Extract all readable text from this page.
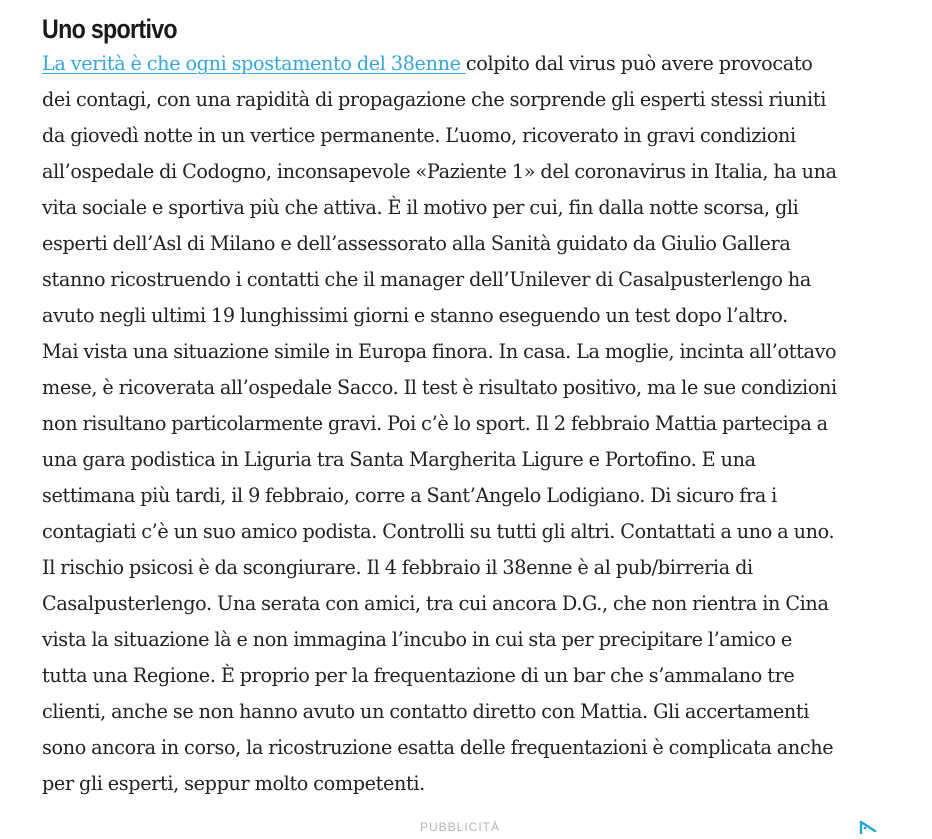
Uno sportivo

La verità è che ogni spostamento del 38enne colpito dal virus può avere provocato
dei contagi, con una rapidità di propagazione che sorprende gli esperti stessi riuniti
da giovedì notte in un vertice permanente. L’uomo, ricoverato in gravi condizioni
all’ospedale di Codogno, inconsapevole «Paziente 1» del coronavirus in Italia, ha una
vita sociale e sportiva più che attiva. È il motivo per cui, fin dalla notte scorsa, gli
esperti dell’Asl di Milano e dell’assessorato alla Sanità guidato da Giulio Gallera
stanno ricostruendo i contatti che il manager dell’Unilever di Casalpusterlengo ha
avuto negli ultimi 19 lunghissimi giorni e stanno eseguendo un test dopo l’altro.
Mai vista una situazione simile in Europa finora. In casa. La moglie, incinta all’ottavo
mese, è ricoverata all’ospedale Sacco. Il test è risultato positivo, ma le sue condizioni
non risultano particolarmente gravi. Poi c’è lo sport. Il 2 febbraio Mattia partecipa a
una gara podistica in Liguria tra Santa Margherita Ligure e Portofino. E una
settimana più tardi, il 9 febbraio, corre a Sant’Angelo Lodigiano. Di sicuro fra i
contagiati c’è un suo amico podista. Controlli su tutti gli altri. Contattati a uno a uno.
Il rischio psicosi è da scongiurare. Il 4 febbraio il 38enne è al pub/birreria di
Casalpusterlengo. Una serata con amici, tra cui ancora D.G., che non rientra in Cina
vista la situazione là e non immagina l’incubo in cui sta per precipitare l’amico e
tutta una Regione. È proprio per la frequentazione di un bar che s’ammalano tre
clienti, anche se non hanno avuto un contatto diretto con Mattia. Gli accertamenti
sono ancora in corso, la ricostruzione esatta delle frequentazioni è complicata anche
per gli esperti, seppur molto competenti.

PUBBLICITÀ
